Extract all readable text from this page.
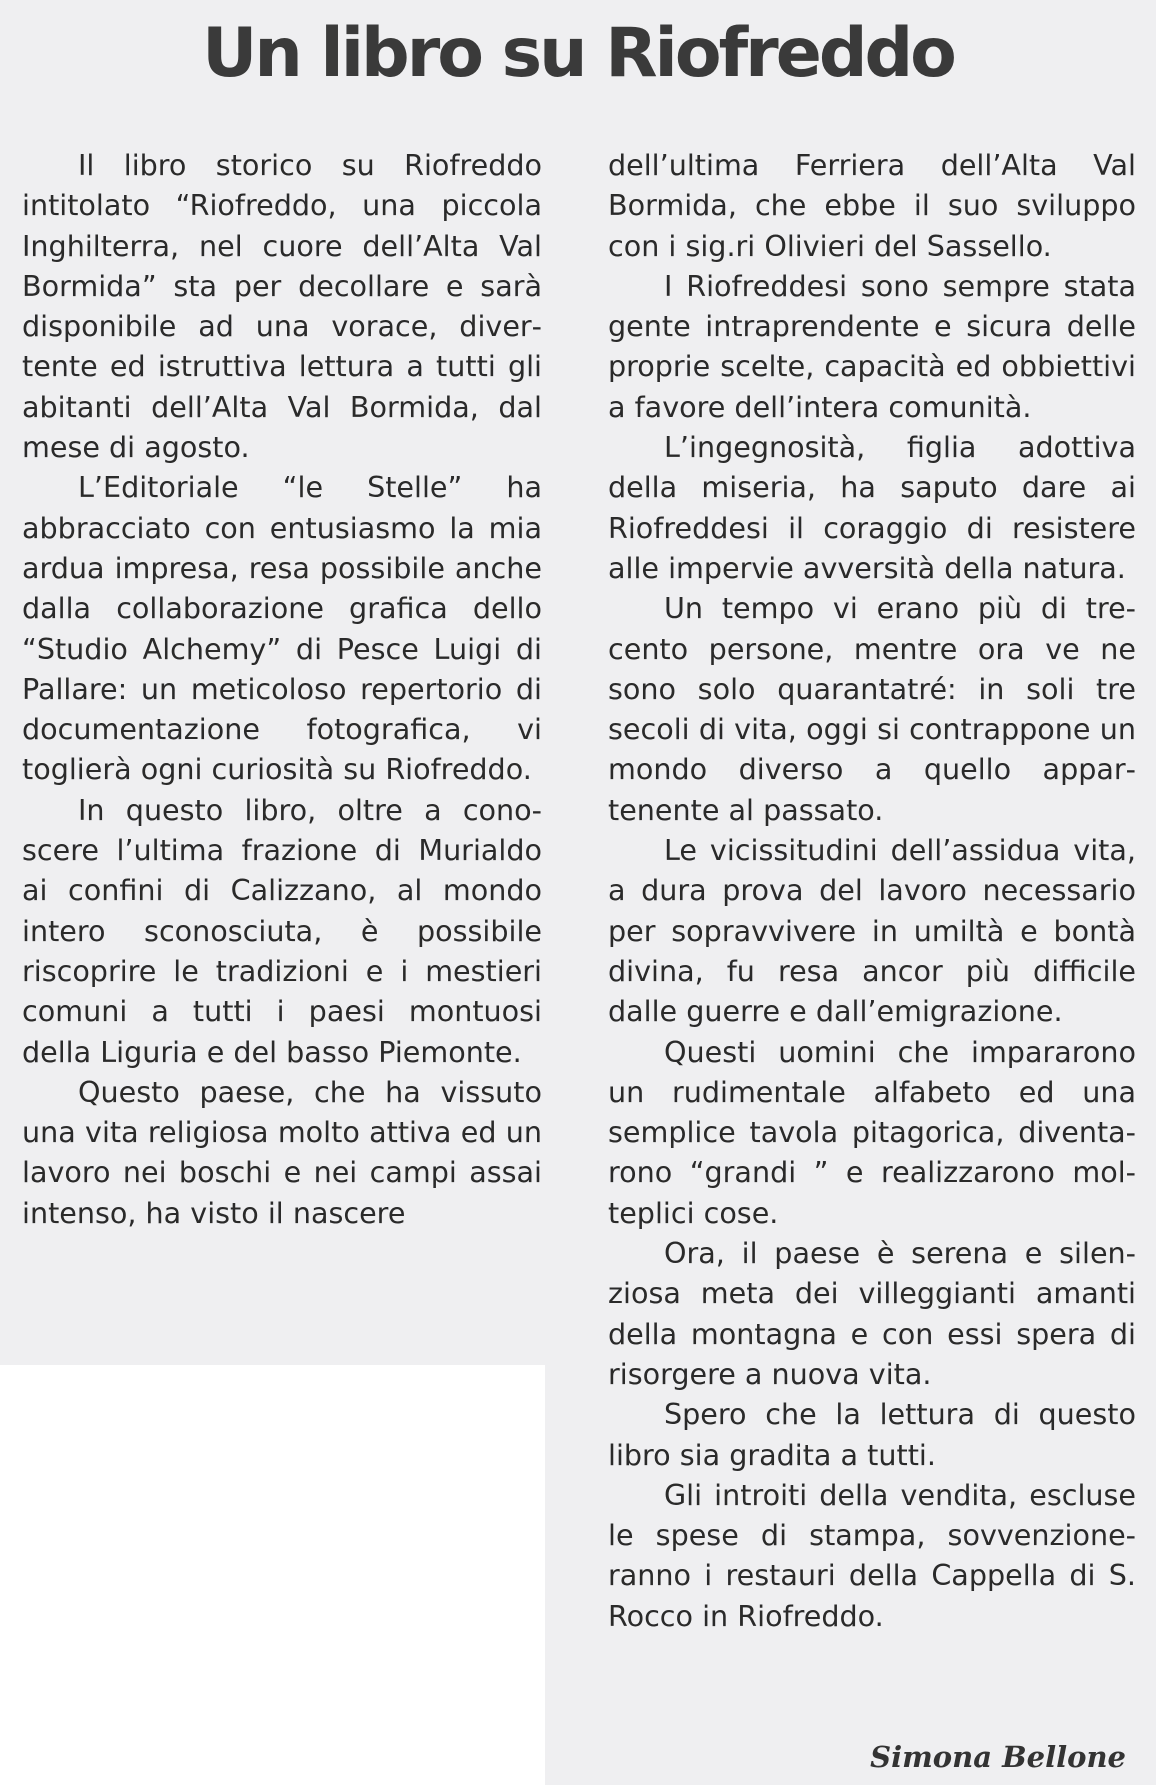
Un libro su Riofreddo

Il libro storico su Riofreddo intitolato “Riofreddo, una piccola Inghilterra, nel cuore dell’Alta Val Bormida” sta per decollare e sarà disponibile ad una vorace, divertente ed istruttiva lettura a tutti gli abitanti dell’Alta Val Bormida, dal mese di agosto.

L’Editoriale “le Stelle” ha abbracciato con entusiasmo la mia ardua impresa, resa possibile anche dalla collaborazione grafica dello “Studio Alchemy” di Pesce Luigi di Pallare: un meticoloso repertorio di documentazione fotografica, vi toglierà ogni curiosità su Riofreddo.

In questo libro, oltre a conoscere l’ultima frazione di Murialdo ai confini di Calizzano, al mondo intero sconosciuta, è possibile riscoprire le tradizioni e i mestieri comuni a tutti i paesi montuosi della Liguria e del basso Piemonte.

Questo paese, che ha vissuto una vita religiosa molto attiva ed un lavoro nei boschi e nei campi assai intenso, ha visto il nascere

dell’ultima Ferriera dell’Alta Val Bormida, che ebbe il suo sviluppo con i sig.ri Olivieri del Sassello.

I Riofreddesi sono sempre stata gente intraprendente e sicura delle proprie scelte, capacità ed obbiettivi a favore dell’intera comunità.

L’ingegnosità, figlia adottiva della miseria, ha saputo dare ai Riofreddesi il coraggio di resistere alle impervie avversità della natura.

Un tempo vi erano più di trecento persone, mentre ora ve ne sono solo quarantatré: in soli tre secoli di vita, oggi si contrappone un mondo diverso a quello appartenente al passato.

Le vicissitudini dell’assidua vita, a dura prova del lavoro necessario per sopravvivere in umiltà e bontà divina, fu resa ancor più difficile dalle guerre e dall’emigrazione.

Questi uomini che impararono un rudimentale alfabeto ed una semplice tavola pitagorica, diventarono “grandi ” e realizzarono molteplici cose.

Ora, il paese è serena e silenziosa meta dei villeggianti amanti della montagna e con essi spera di risorgere a nuova vita.

Spero che la lettura di questo libro sia gradita a tutti.

Gli introiti della vendita, escluse le spese di stampa, sovvenzioneranno i restauri della Cappella di S. Rocco in Riofreddo.

Simona Bellone
